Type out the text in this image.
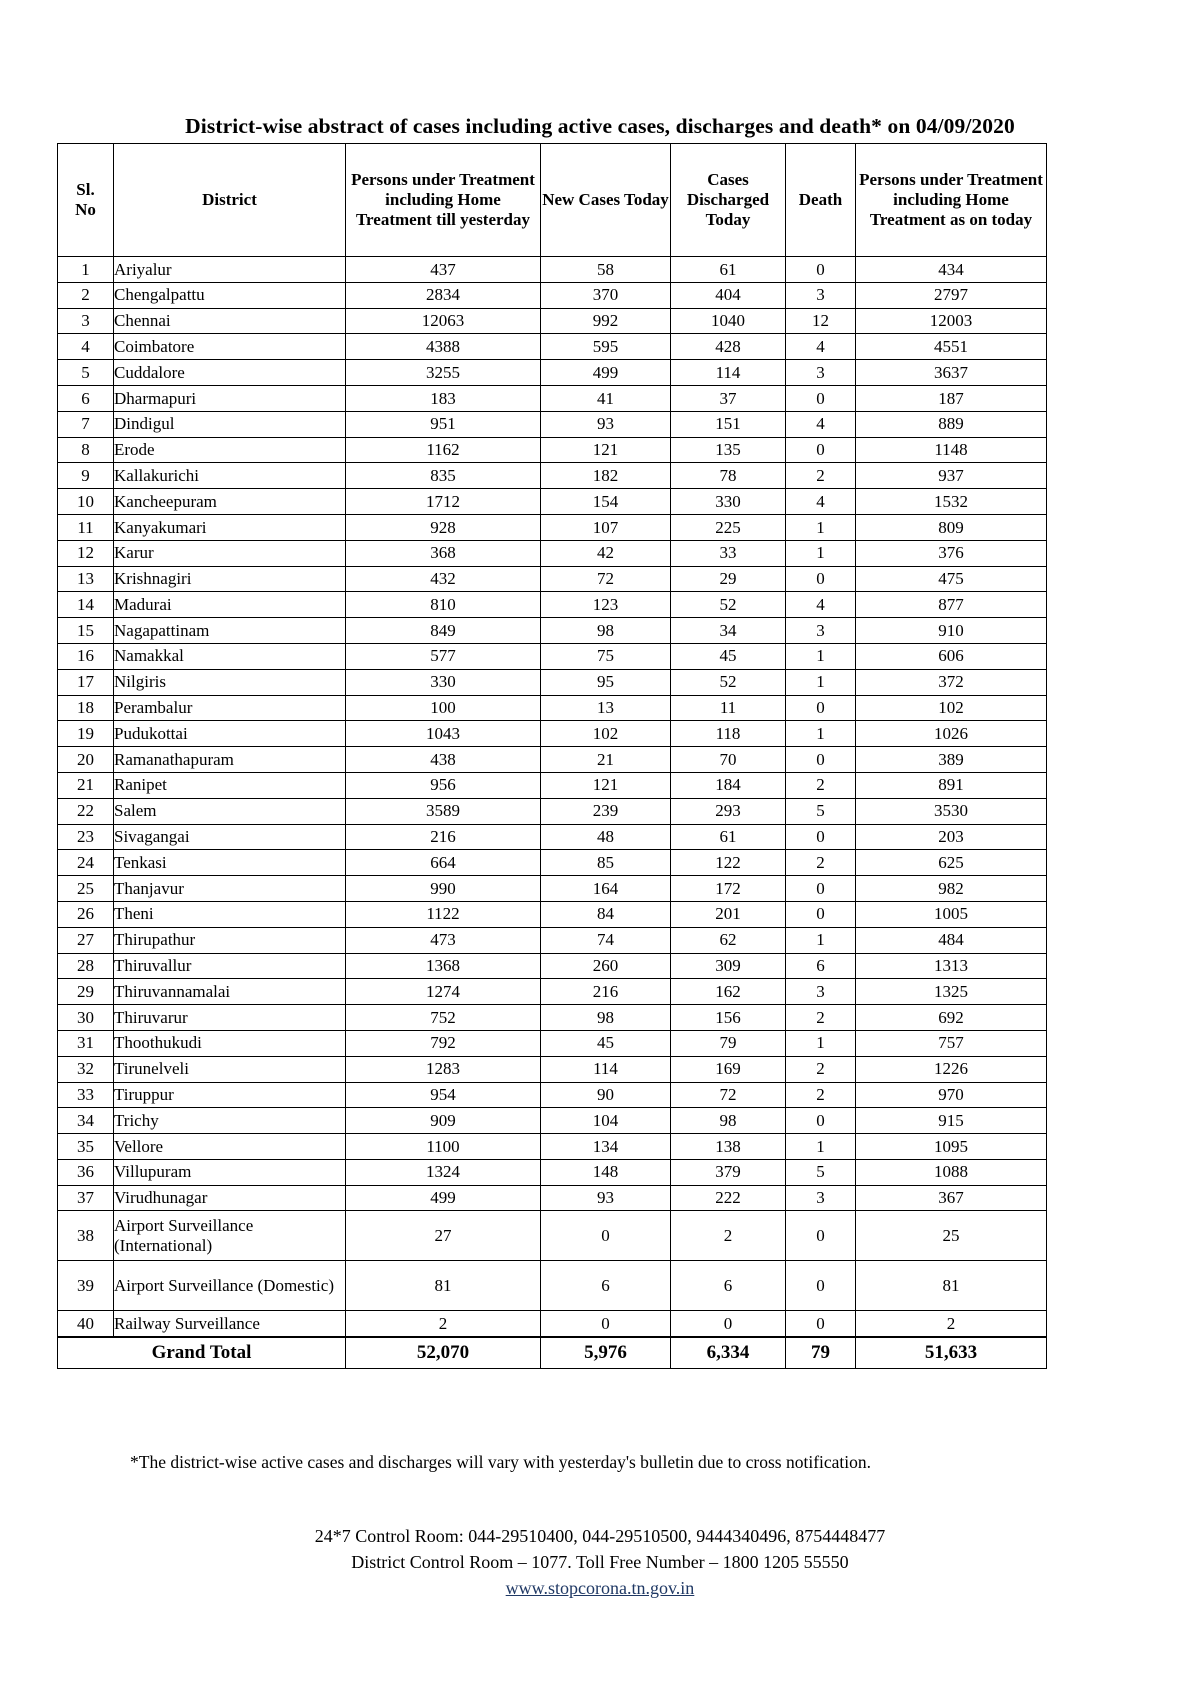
District-wise abstract of cases including active cases, discharges and death* on 04/09/2020
Sl.
No	District	Persons under Treatment including Home Treatment till yesterday	New Cases Today	Cases Discharged Today	Death	Persons under Treatment including Home Treatment as on today
1	Ariyalur	437	58	61	0	434
2	Chengalpattu	2834	370	404	3	2797
3	Chennai	12063	992	1040	12	12003
4	Coimbatore	4388	595	428	4	4551
5	Cuddalore	3255	499	114	3	3637
6	Dharmapuri	183	41	37	0	187
7	Dindigul	951	93	151	4	889
8	Erode	1162	121	135	0	1148
9	Kallakurichi	835	182	78	2	937
10	Kancheepuram	1712	154	330	4	1532
11	Kanyakumari	928	107	225	1	809
12	Karur	368	42	33	1	376
13	Krishnagiri	432	72	29	0	475
14	Madurai	810	123	52	4	877
15	Nagapattinam	849	98	34	3	910
16	Namakkal	577	75	45	1	606
17	Nilgiris	330	95	52	1	372
18	Perambalur	100	13	11	0	102
19	Pudukottai	1043	102	118	1	1026
20	Ramanathapuram	438	21	70	0	389
21	Ranipet	956	121	184	2	891
22	Salem	3589	239	293	5	3530
23	Sivagangai	216	48	61	0	203
24	Tenkasi	664	85	122	2	625
25	Thanjavur	990	164	172	0	982
26	Theni	1122	84	201	0	1005
27	Thirupathur	473	74	62	1	484
28	Thiruvallur	1368	260	309	6	1313
29	Thiruvannamalai	1274	216	162	3	1325
30	Thiruvarur	752	98	156	2	692
31	Thoothukudi	792	45	79	1	757
32	Tirunelveli	1283	114	169	2	1226
33	Tiruppur	954	90	72	2	970
34	Trichy	909	104	98	0	915
35	Vellore	1100	134	138	1	1095
36	Villupuram	1324	148	379	5	1088
37	Virudhunagar	499	93	222	3	367
38	Airport Surveillance (International)	27	0	2	0	25
39	Airport Surveillance (Domestic)	81	6	6	0	81
40	Railway Surveillance	2	0	0	0	2
Grand Total		52,070	5,976	6,334	79	51,633
*The district-wise active cases and discharges will vary with yesterday's bulletin due to cross notification.
24*7 Control Room: 044-29510400, 044-29510500, 9444340496, 8754448477
District Control Room – 1077. Toll Free Number – 1800 1205 55550
www.stopcorona.tn.gov.in
